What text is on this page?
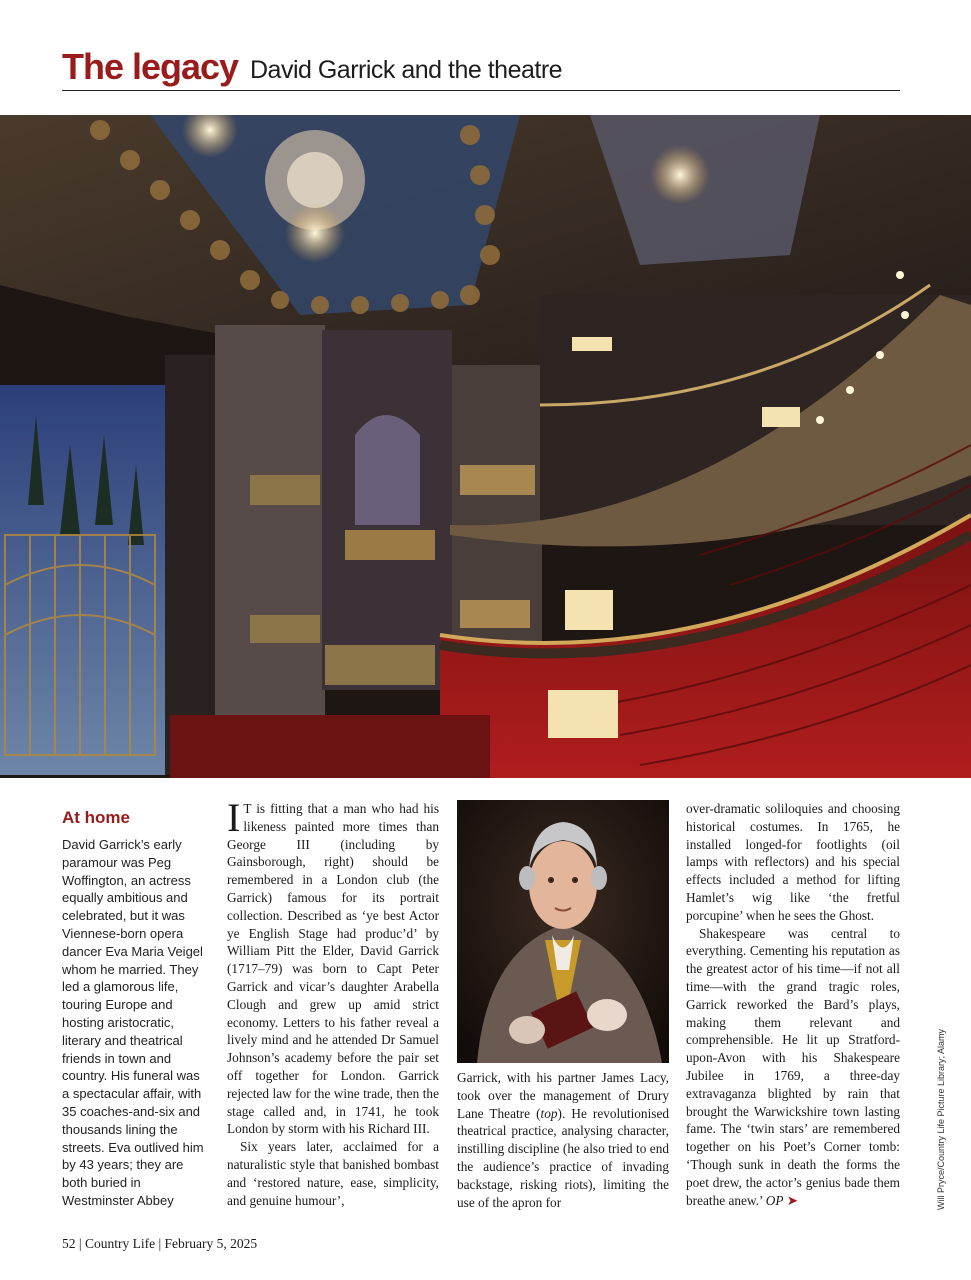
The legacy David Garrick and the theatre
At home

David Garrick’s early paramour was Peg Woffington, an actress equally ambitious and celebrated, but it was Viennese-born opera dancer Eva Maria Veigel whom he married. They led a glamorous life, touring Europe and hosting aristocratic, literary and theatrical friends in town and country. His funeral was a spectacular affair, with 35 coaches-and-six and thousands lining the streets. Eva outlived him by 43 years; they are both buried in Westminster Abbey

I T is fitting that a man who had his likeness painted more times than George III (including by Gainsborough, right) should be remembered in a London club (the Garrick) famous for its portrait collection. Described as ‘ye best Actor ye English Stage had produc’d’ by William Pitt the Elder, David Garrick (1717–79) was born to Capt Peter Garrick and vicar’s daughter Arabella Clough and grew up amid strict economy. Letters to his father reveal a lively mind and he attended Dr Samuel Johnson’s academy before the pair set off together for London. Garrick rejected law for the wine trade, then the stage called and, in 1741, he took London by storm with his Richard III.

Six years later, acclaimed for a naturalistic style that banished bombast and ‘restored nature, ease, simplicity, and genuine humour’,

Garrick, with his partner James Lacy, took over the management of Drury Lane Theatre (top). He revolutionised theatrical practice, analysing character, instilling discipline (he also tried to end the audience’s practice of invading backstage, risking riots), limiting the use of the apron for

over-dramatic soliloquies and choosing historical costumes. In 1765, he installed longed-for footlights (oil lamps with reflectors) and his special effects included a method for lifting Hamlet’s wig like ‘the fretful porcupine’ when he sees the Ghost.

Shakespeare was central to everything. Cementing his reputation as the greatest actor of his time—if not all time—with the grand tragic roles, Garrick reworked the Bard’s plays, making them relevant and comprehensible. He lit up Stratford-upon-Avon with his Shakespeare Jubilee in 1769, a three-day extravaganza blighted by rain that brought the Warwickshire town lasting fame. The ‘twin stars’ are remembered together on his Poet’s Corner tomb: ‘Though sunk in death the forms the poet drew, the actor’s genius bade them breathe anew.’ OP ➤	Will Pryce/Country Life Picture Library; Alamy
52 | Country Life | February 5, 2025
